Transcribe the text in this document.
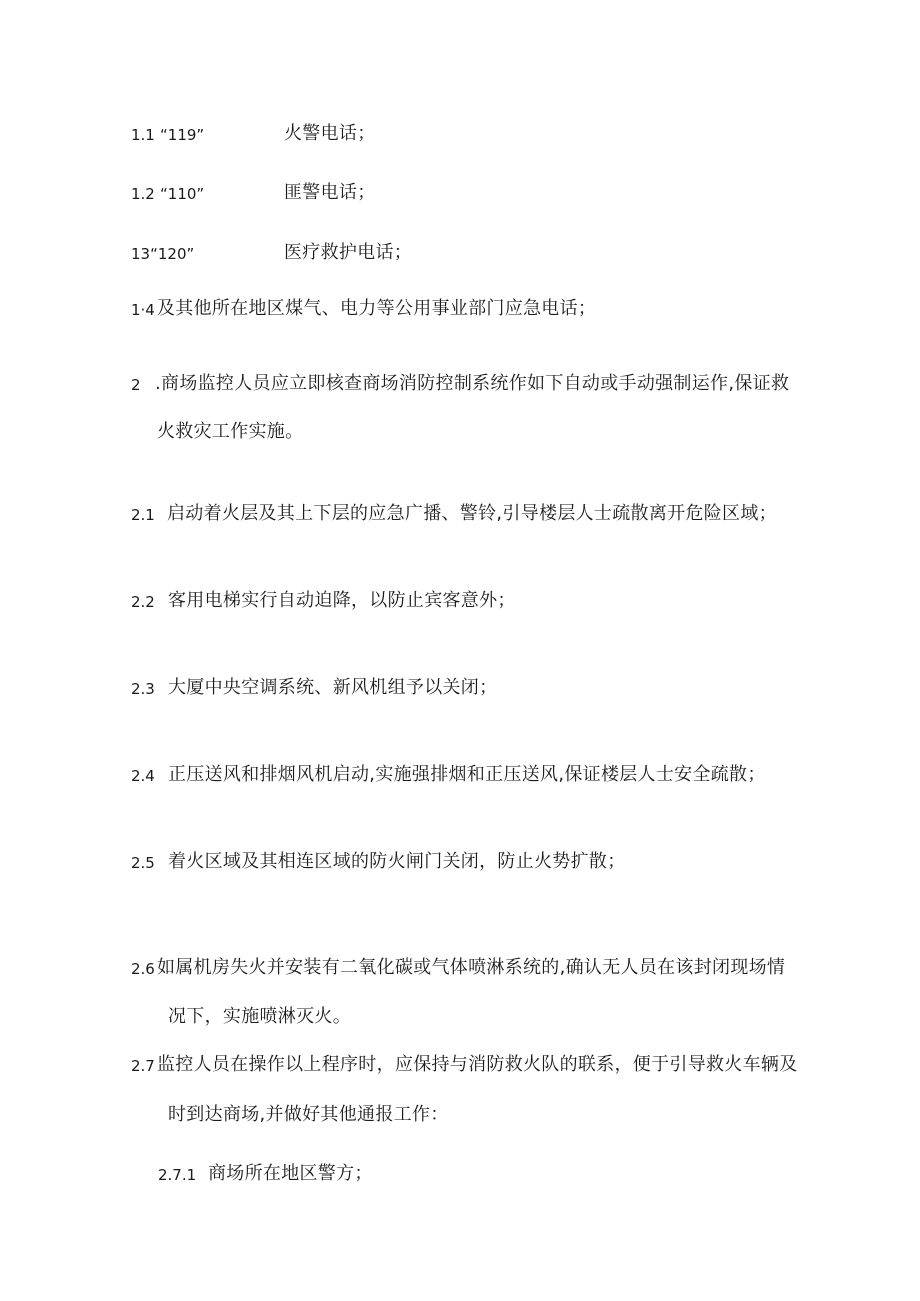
1.1 “119”	火警电话；
1.2 “110”	匪警电话；
13“120”	医疗救护电话；
1·4 及其他所在地区煤气、电力等公用事业部门应急电话；
2 .商场监控人员应立即核查商场消防控制系统作如下自动或手动强制运作,保证救
火救灾工作实施。
2.1 启动着火层及其上下层的应急广播、警铃,引导楼层人士疏散离开危险区域；
2.2 客用电梯实行自动迫降，以防止宾客意外；
2.3 大厦中央空调系统、新风机组予以关闭；
2.4 正压送风和排烟风机启动,实施强排烟和正压送风,保证楼层人士安全疏散；
2.5 着火区域及其相连区域的防火闸门关闭，防止火势扩散；
2.6 如属机房失火并安装有二氧化碳或气体喷淋系统的,确认无人员在该封闭现场情
况下，实施喷淋灭火。
2.7 监控人员在操作以上程序时，应保持与消防救火队的联系，便于引导救火车辆及
时到达商场,并做好其他通报工作：
2.7.1 商场所在地区警方；
